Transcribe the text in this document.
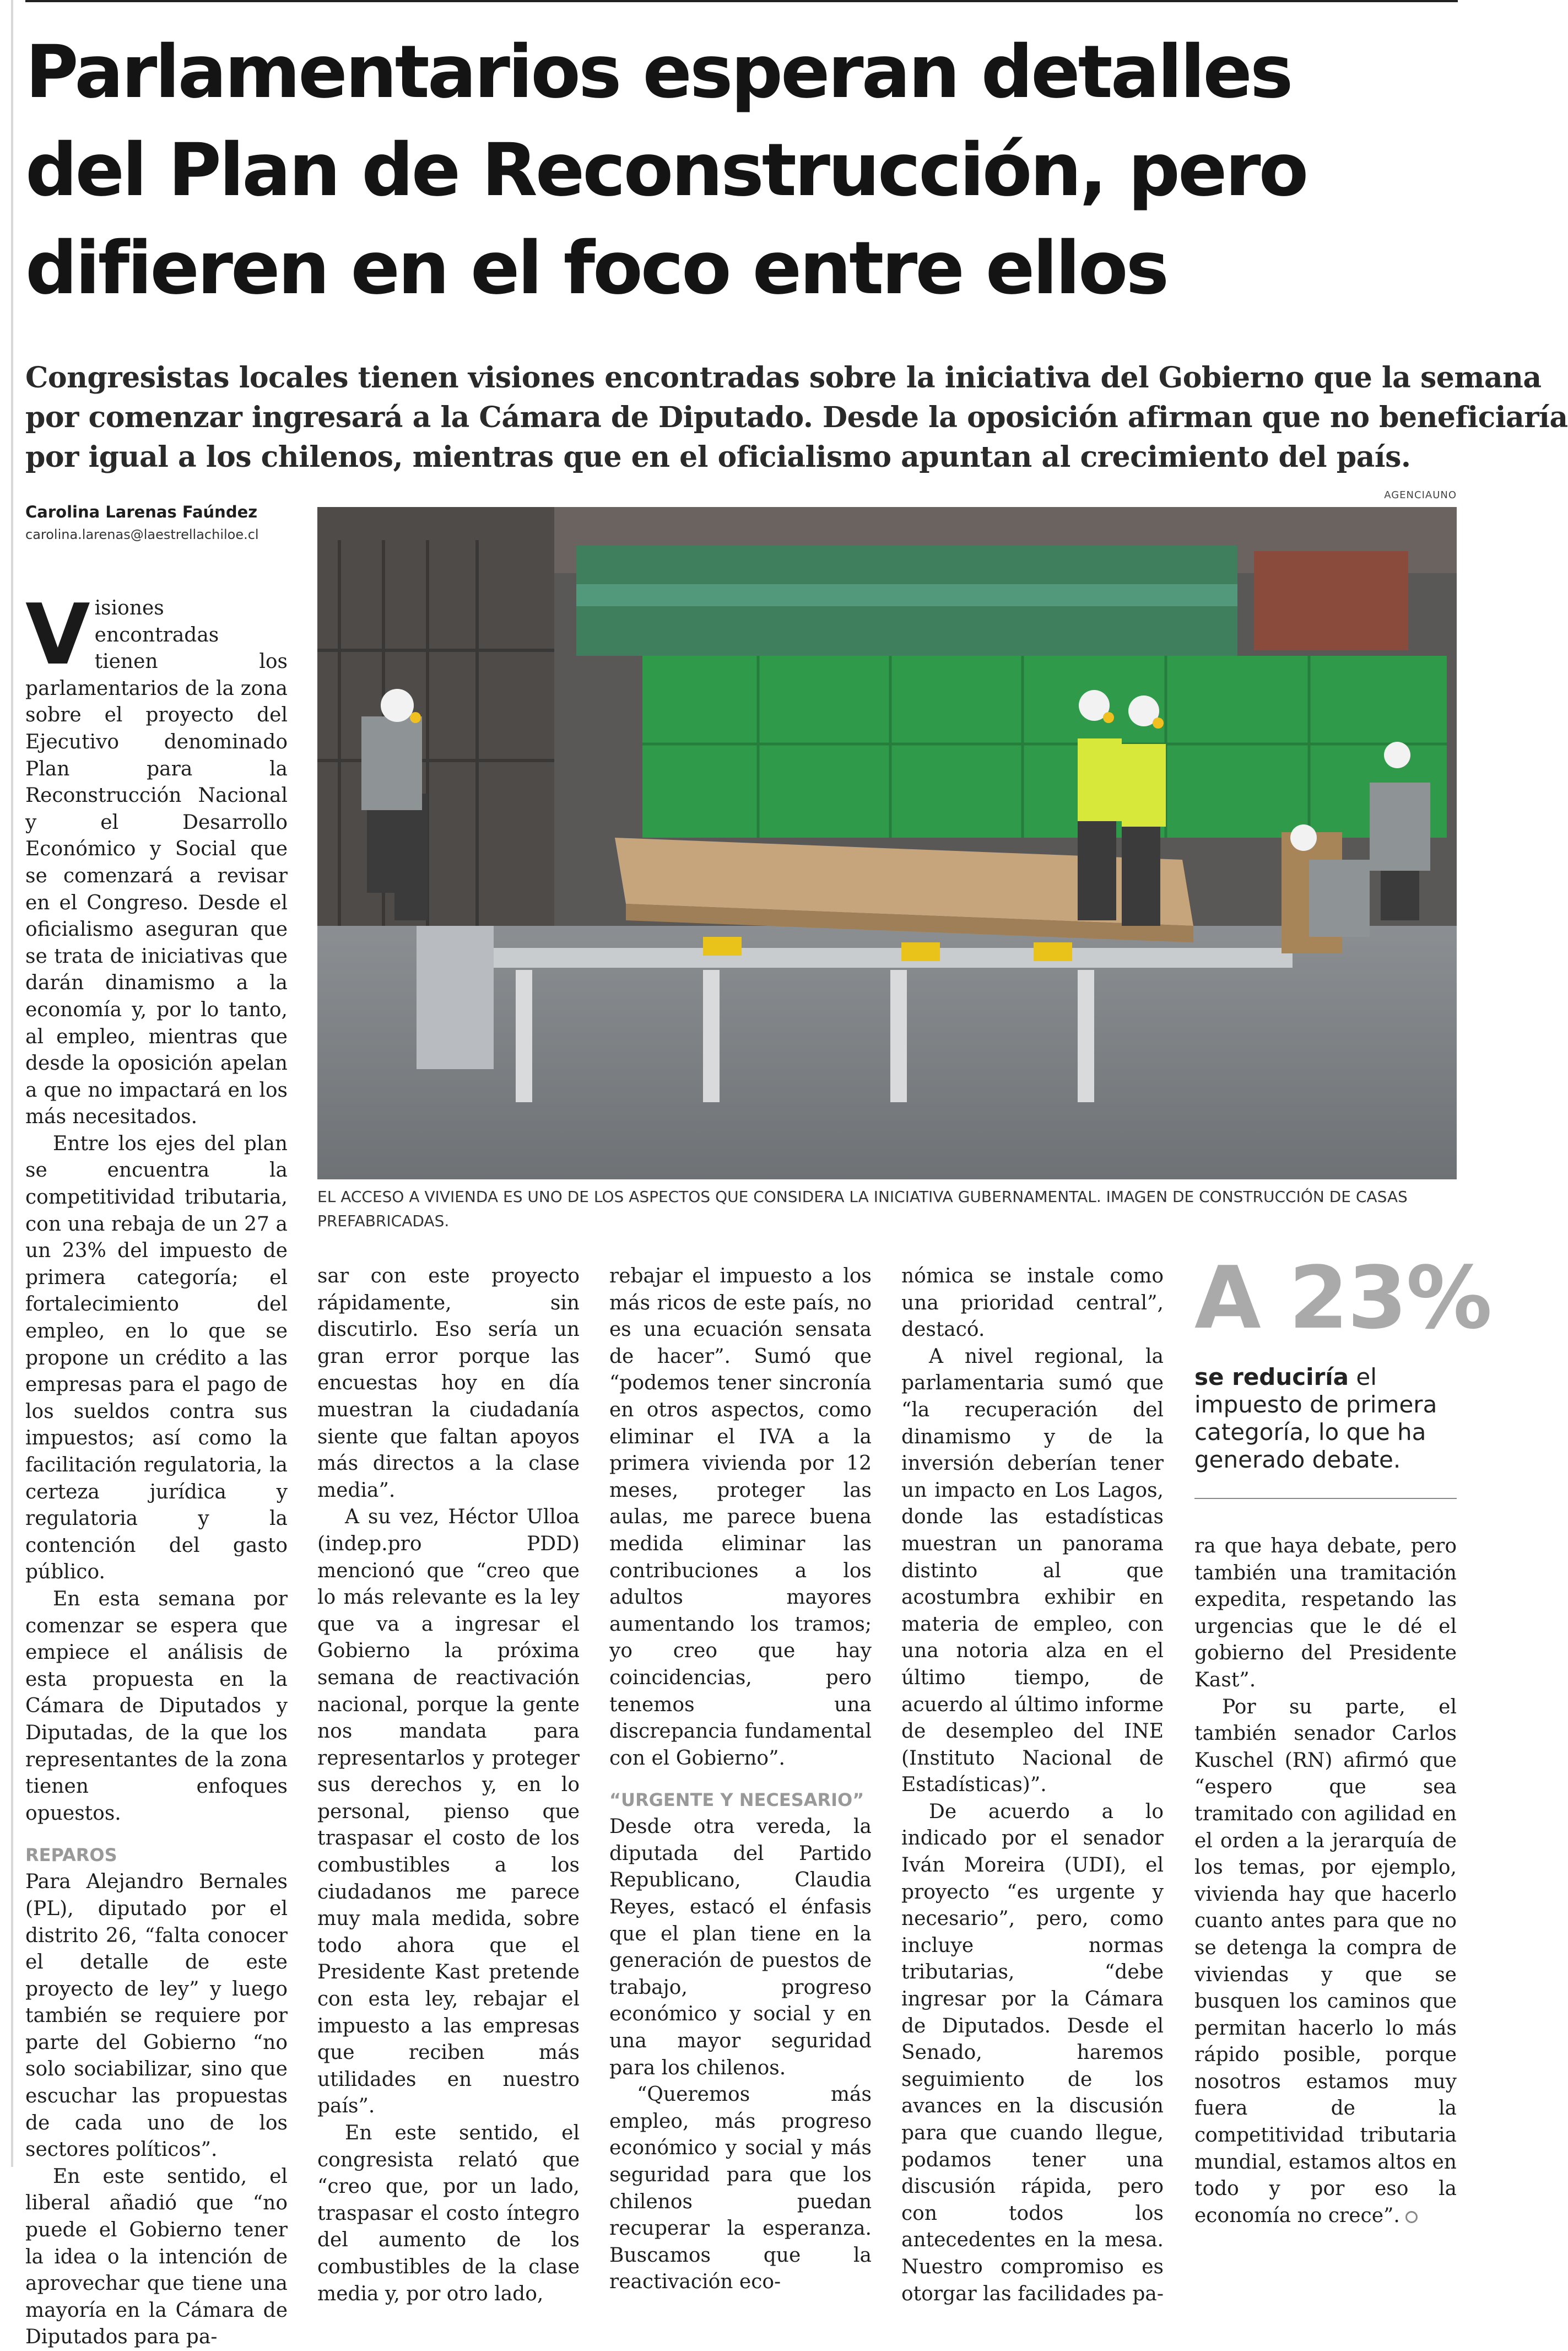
Parlamentarios esperan detalles
del Plan de Reconstrucción, pero
difieren en el foco entre ellos
Congresistas locales tienen visiones encontradas sobre la iniciativa del Gobierno que la semana
por comenzar ingresará a la Cámara de Diputado. Desde la oposición afirman que no beneficiaría
por igual a los chilenos, mientras que en el oficialismo apuntan al crecimiento del país.
Carolina Larenas Faúndez
carolina.larenas@laestrellachiloe.cl
AGENCIAUNO
EL ACCESO A VIVIENDA ES UNO DE LOS ASPECTOS QUE CONSIDERA LA INICIATIVA GUBERNAMENTAL. IMAGEN DE CONSTRUCCIÓN DE CASAS PREFABRICADAS.

Visiones encontradas tienen los parlamentarios de la zona sobre el proyecto del Ejecutivo denominado Plan para la Reconstrucción Nacional y el Desarrollo Económico y Social que se comenzará a revisar en el Congreso. Desde el oficialismo aseguran que se trata de iniciativas que darán dinamismo a la economía y, por lo tanto, al empleo, mientras que desde la oposición apelan a que no impactará en los más necesitados.

Entre los ejes del plan se encuentra la competitividad tributaria, con una rebaja de un 27 a un 23% del impuesto de primera categoría; el fortalecimiento del empleo, en lo que se propone un crédito a las empresas para el pago de los sueldos contra sus impuestos; así como la facilitación regulatoria, la certeza jurídica y regulatoria y la contención del gasto público.

En esta semana por comenzar se espera que empiece el análisis de esta propuesta en la Cámara de Diputados y Diputadas, de la que los representantes de la zona tienen enfoques opuestos.

REPAROS

Para Alejandro Bernales (PL), diputado por el distrito 26, “falta conocer el detalle de este proyecto de ley” y luego también se requiere por parte del Gobierno “no solo sociabilizar, sino que escuchar las propuestas de cada uno de los sectores políticos”.

En este sentido, el liberal añadió que “no puede el Gobierno tener la idea o la intención de aprovechar que tiene una mayoría en la Cámara de Diputados para pa-

sar con este proyecto rápidamente, sin discutirlo. Eso sería un gran error porque las encuestas hoy en día muestran la ciudadanía siente que faltan apoyos más directos a la clase media”.

A su vez, Héctor Ulloa (indep.pro PDD) mencionó que “creo que lo más relevante es la ley que va a ingresar el Gobierno la próxima semana de reactivación nacional, porque la gente nos mandata para representarlos y proteger sus derechos y, en lo personal, pienso que traspasar el costo de los combustibles a los ciudadanos me parece muy mala medida, sobre todo ahora que el Presidente Kast pretende con esta ley, rebajar el impuesto a las empresas que reciben más utilidades en nuestro país”.

En este sentido, el congresista relató que “creo que, por un lado, traspasar el costo íntegro del aumento de los combustibles de la clase media y, por otro lado,

rebajar el impuesto a los más ricos de este país, no es una ecuación sensata de hacer”. Sumó que “podemos tener sincronía en otros aspectos, como eliminar el IVA a la primera vivienda por 12 meses, proteger las aulas, me parece buena medida eliminar las contribuciones a los adultos mayores aumentando los tramos; yo creo que hay coincidencias, pero tenemos una discrepancia fundamental con el Gobierno”.

“URGENTE Y NECESARIO”

Desde otra vereda, la diputada del Partido Republicano, Claudia Reyes, estacó el énfasis que el plan tiene en la generación de puestos de trabajo, progreso económico y social y en una mayor seguridad para los chilenos.

“Queremos más empleo, más progreso económico y social y más seguridad para que los chilenos puedan recuperar la esperanza. Buscamos que la reactivación eco-

nómica se instale como una prioridad central”, destacó.

A nivel regional, la parlamentaria sumó que “la recuperación del dinamismo y de la inversión deberían tener un impacto en Los Lagos, donde las estadísticas muestran un panorama distinto al que acostumbra exhibir en materia de empleo, con una notoria alza en el último tiempo, de acuerdo al último informe de desempleo del INE (Instituto Nacional de Estadísticas)”.

De acuerdo a lo indicado por el senador Iván Moreira (UDI), el proyecto “es urgente y necesario”, pero, como incluye normas tributarias, “debe ingresar por la Cámara de Diputados. Desde el Senado, haremos seguimiento de los avances en la discusión para que cuando llegue, podamos tener una discusión rápida, pero con todos los antecedentes en la mesa. Nuestro compromiso es otorgar las facilidades pa-

A 23%
se reduciría el impuesto de primera categoría, lo que ha generado debate.

ra que haya debate, pero también una tramitación expedita, respetando las urgencias que le dé el gobierno del Presidente Kast”.

Por su parte, el también senador Carlos Kuschel (RN) afirmó que “espero que sea tramitado con agilidad en el orden a la jerarquía de los temas, por ejemplo, vivienda hay que hacerlo cuanto antes para que no se detenga la compra de viviendas y que se busquen los caminos que permitan hacerlo lo más rápido posible, porque nosotros estamos muy fuera de la competitividad tributaria mundial, estamos altos en todo y por eso la economía no crece”.
